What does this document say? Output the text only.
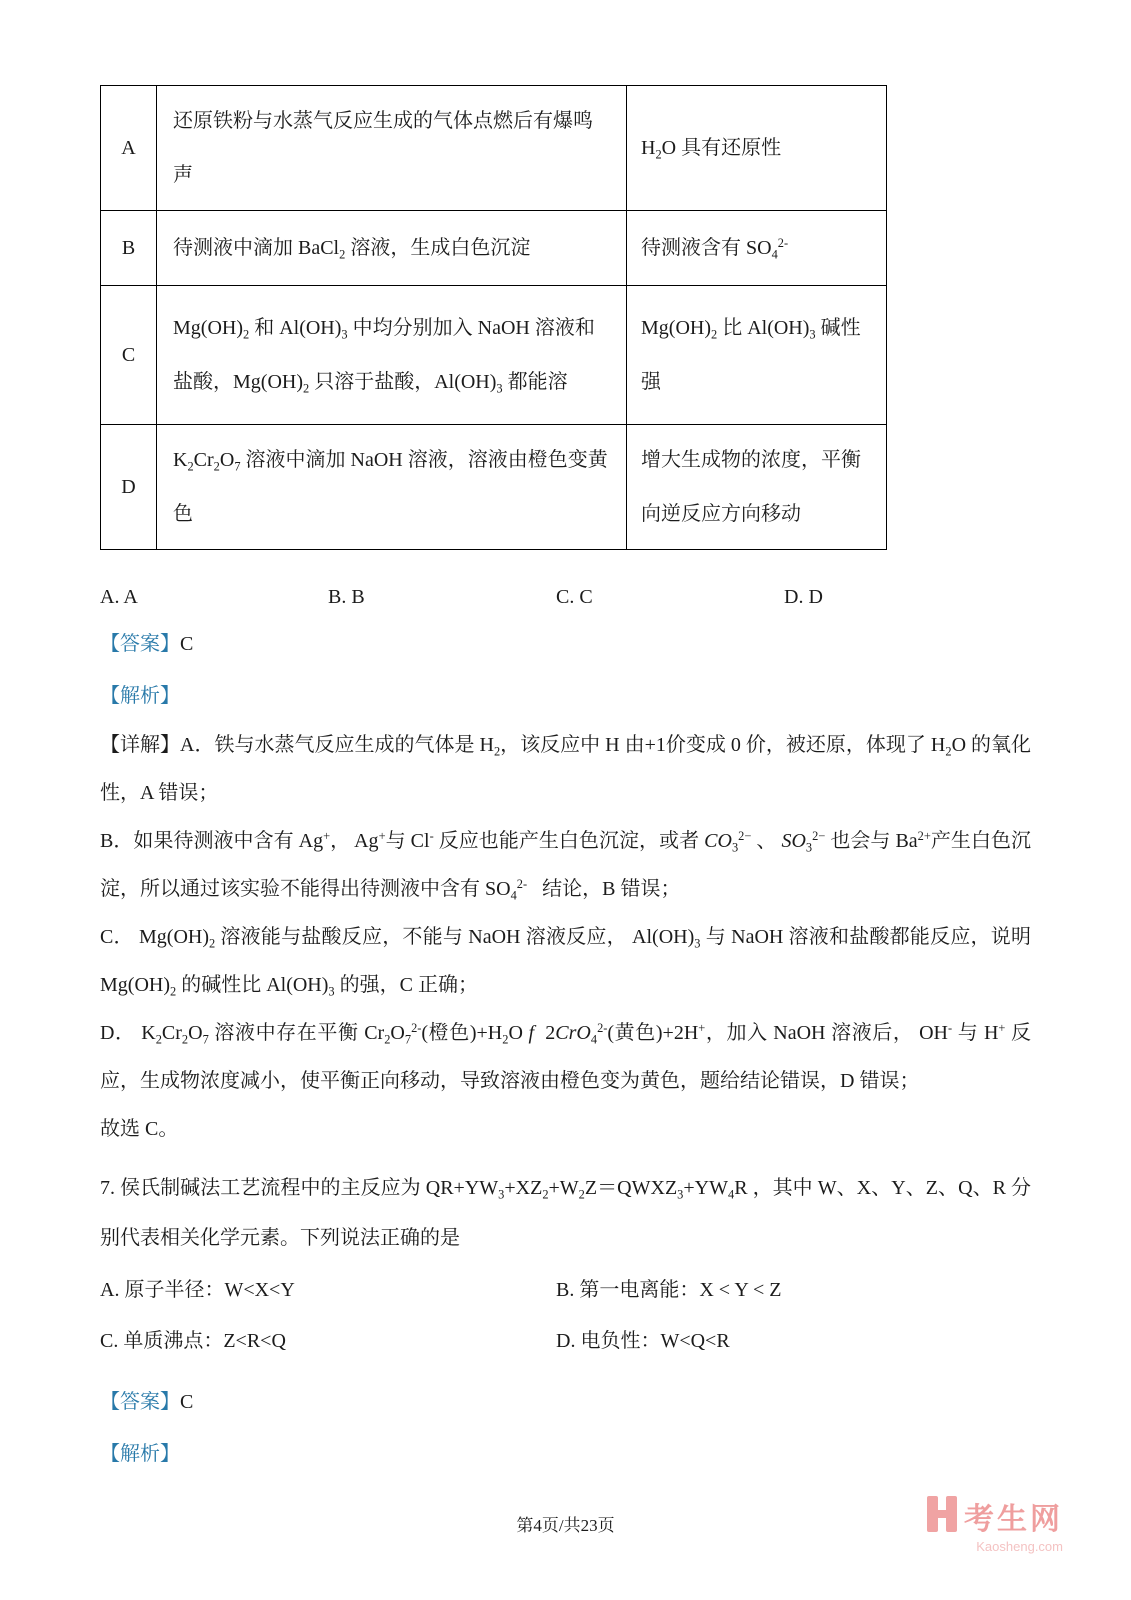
A	还原铁粉与水蒸气反应生成的气体点燃后有爆鸣声	$H_2O$ 具有还原性
B	待测液中滴加 BaCl$_2$ 溶液，生成白色沉淀	待测液含有 $SO_4^{2-}$
C	$Mg(OH)_2$ 和 $Al(OH)_3$ 中均分别加入 NaOH 溶液和盐酸，$Mg(OH)_2$ 只溶于盐酸，$Al(OH)_3$ 都能溶	$Mg(OH)_2$ 比 $Al(OH)_3$ 碱性强
D	$K_2Cr_2O_7$ 溶液中滴加 NaOH 溶液，溶液由橙色变黄色	增大生成物的浓度，平衡向逆反应方向移动
A. A	B. B	C. C	D. D
【答案】C
【解析】

【详解】A．铁与水蒸气反应生成的气体是 $H_2$，该反应中 H 由+1价变成 0 价，被还原，体现了 $H_2O$ 的氧化性，A 错误；

B．如果待测液中含有 Ag+， Ag+与 Cl- 反应也能产生白色沉淀，或者 $CO_3^{2-}$ 、 $SO_3^{2-}$ 也会与 $Ba^{2+}$产生白色沉淀，所以通过该实验不能得出待测液中含有 $SO_4^{2-}$   结论，B 错误；

C． $Mg(OH)_2$ 溶液能与盐酸反应，不能与 NaOH 溶液反应， $Al(OH)_3$ 与 NaOH 溶液和盐酸都能反应，说明 $Mg(OH)_2$ 的碱性比 $Al(OH)_3$ 的强，C 正确；

D． $K_2Cr_2O_7$ 溶液中存在平衡 $Cr_2O_7^{2-}$(橙色)$+H_2O$ f  2CrO$_4^{2-}$(黄色)+2H+，加入 NaOH 溶液后， OH- 与 H+ 反应，生成物浓度减小，使平衡正向移动，导致溶液由橙色变为黄色，题给结论错误，D 错误；

故选 C。

7. 侯氏制碱法工艺流程中的主反应为 $QR+YW_3+XZ_2+W_2Z=QWXZ_3+YW_4R$ ，其中 W、X、Y、Z、Q、R 分别代表相关化学元素。下列说法正确的是

A. 原子半径：W<X<Y	B. 第一电离能：X < Y < Z
C. 单质沸点：Z<R<Q	D. 电负性：W<Q<R
【答案】C
【解析】
第4页/共23页	考生网
Kaosheng.com
